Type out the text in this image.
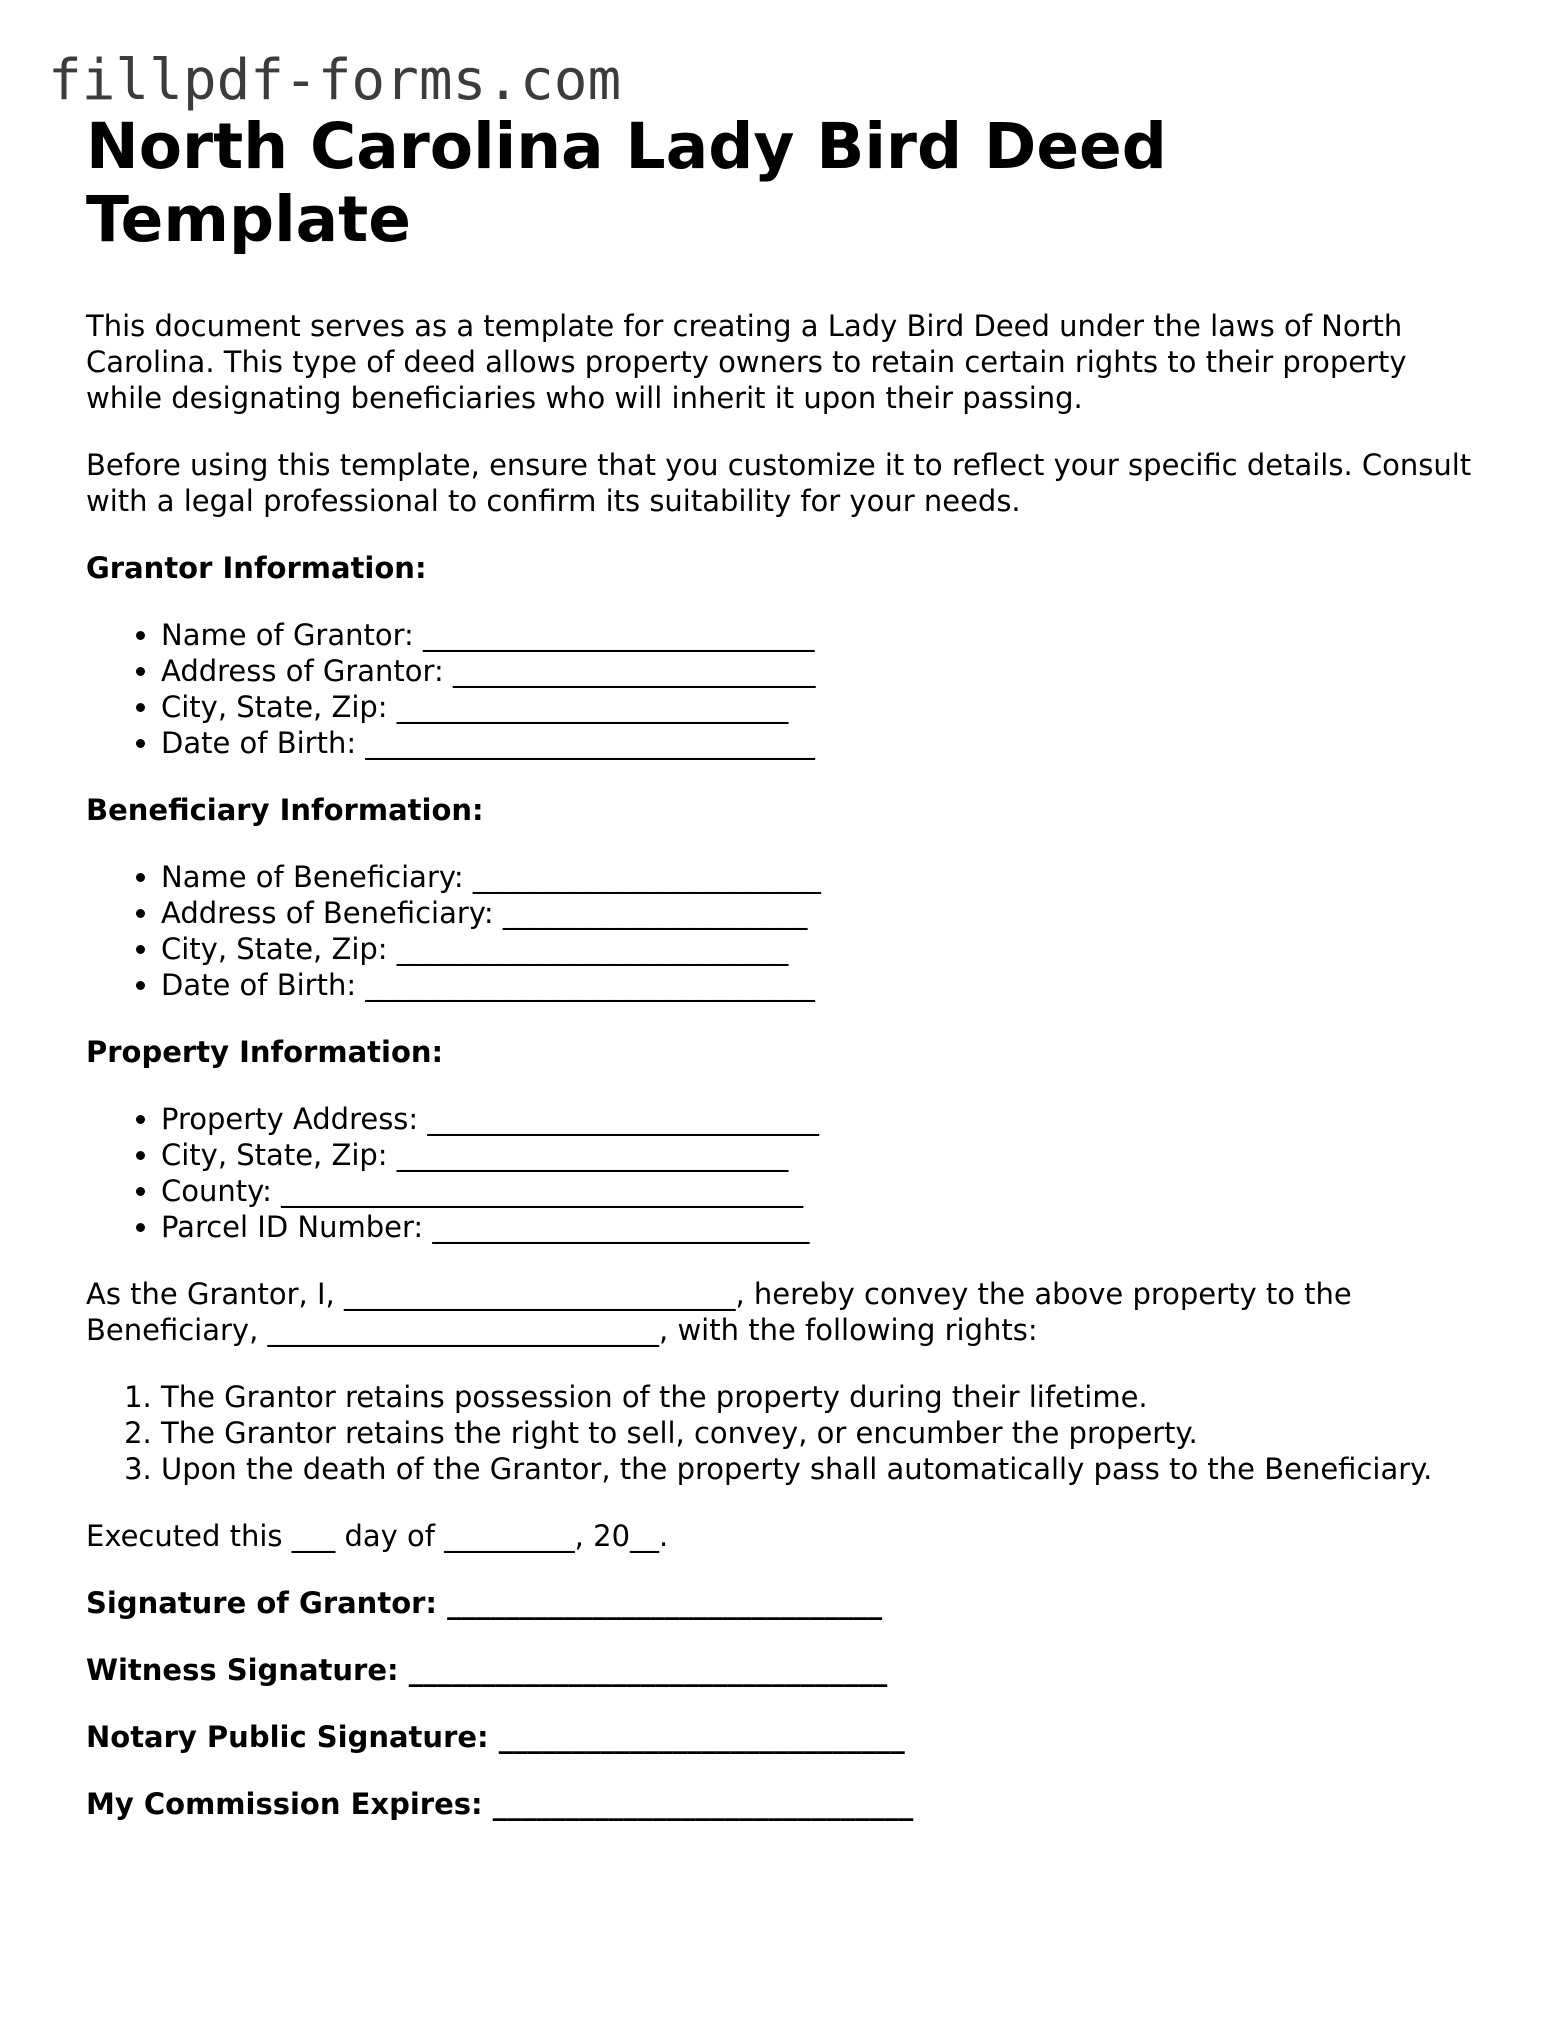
fillpdf-forms.com
North Carolina Lady Bird Deed Template

This document serves as a template for creating a Lady Bird Deed under the laws of North Carolina. This type of deed allows property owners to retain certain rights to their property while designating beneficiaries who will inherit it upon their passing.

Before using this template, ensure that you customize it to reflect your specific details. Consult with a legal professional to confirm its suitability for your needs.

Grantor Information:
• Name of Grantor: ___________________________
• Address of Grantor: _________________________
• City, State, Zip: ___________________________
• Date of Birth: _______________________________
Beneficiary Information:
• Name of Beneficiary: ________________________
• Address of Beneficiary: _____________________
• City, State, Zip: ___________________________
• Date of Birth: _______________________________
Property Information:
• Property Address: ___________________________
• City, State, Zip: ___________________________
• County: ____________________________________
• Parcel ID Number: __________________________

As the Grantor, I, ___________________________, hereby convey the above property to the Beneficiary, ___________________________, with the following rights:

1. The Grantor retains possession of the property during their lifetime.
2. The Grantor retains the right to sell, convey, or encumber the property.
3. Upon the death of the Grantor, the property shall automatically pass to the Beneficiary.

Executed this ___ day of _________, 20__.

Signature of Grantor: ______________________________
Witness Signature: _________________________________
Notary Public Signature: ____________________________
My Commission Expires: _____________________________
